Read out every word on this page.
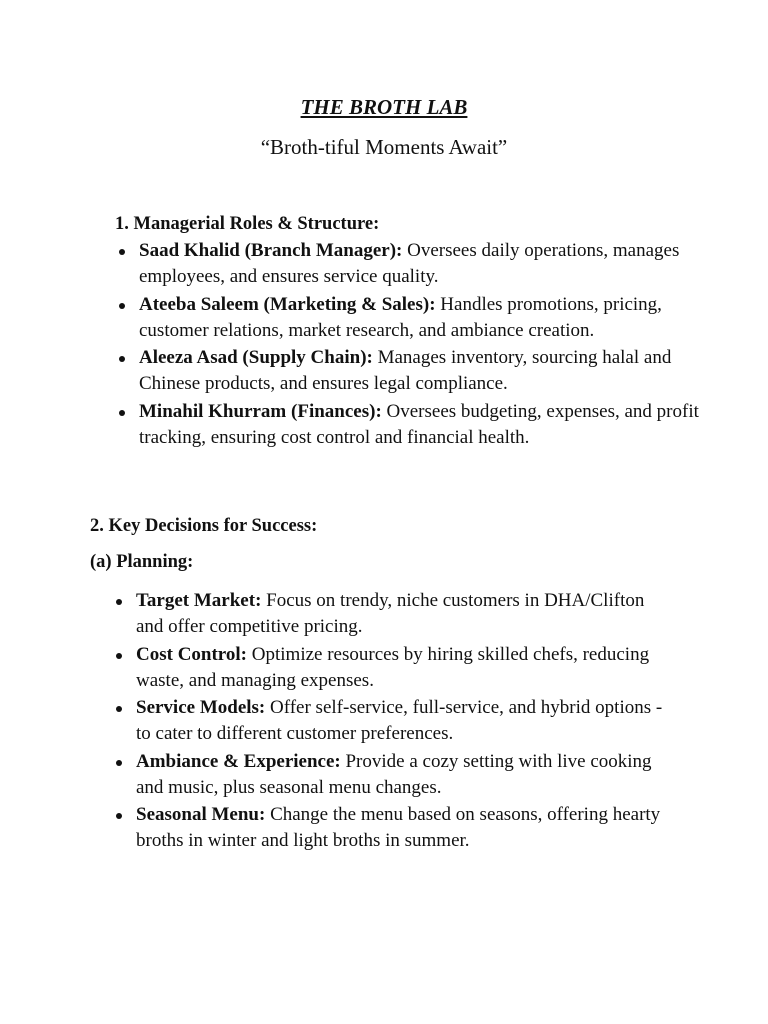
THE BROTH LAB
“Broth-tiful Moments Await”
1. Managerial Roles & Structure:
Saad Khalid (Branch Manager): Oversees daily operations, manages employees, and ensures service quality.
Ateeba Saleem (Marketing & Sales): Handles promotions, pricing, customer relations, market research, and ambiance creation.
Aleeza Asad (Supply Chain): Manages inventory, sourcing halal and Chinese products, and ensures legal compliance.
Minahil Khurram (Finances): Oversees budgeting, expenses, and profit tracking, ensuring cost control and financial health.
2. Key Decisions for Success:
(a) Planning:
Target Market: Focus on trendy, niche customers in DHA/Clifton and offer competitive pricing.
Cost Control: Optimize resources by hiring skilled chefs, reducing waste, and managing expenses.
Service Models: Offer self-service, full-service, and hybrid options - to cater to different customer preferences.
Ambiance & Experience: Provide a cozy setting with live cooking and music, plus seasonal menu changes.
Seasonal Menu: Change the menu based on seasons, offering hearty broths in winter and light broths in summer.
